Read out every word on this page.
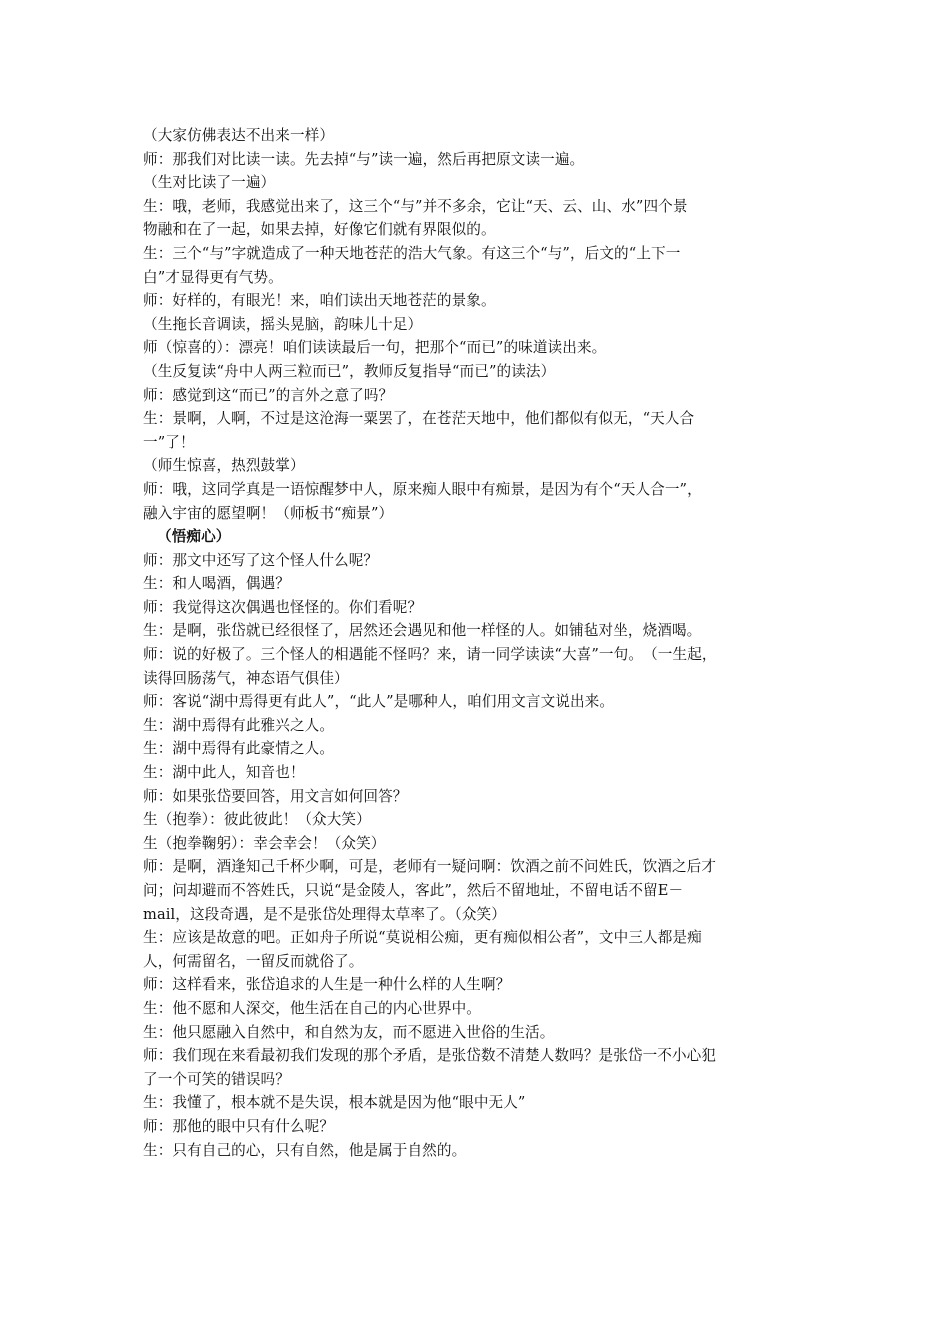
（大家仿佛表达不出来一样）
师：那我们对比读一读。先去掉“与”读一遍，然后再把原文读一遍。
（生对比读了一遍）
生：哦，老师，我感觉出来了，这三个“与”并不多余，它让“天、云、山、水”四个景
物融和在了一起，如果去掉，好像它们就有界限似的。
生：三个“与”字就造成了一种天地苍茫的浩大气象。有这三个“与”，后文的“上下一
白”才显得更有气势。
师：好样的，有眼光！来，咱们读出天地苍茫的景象。
（生拖长音调读，摇头晃脑，韵味儿十足）
师（惊喜的）：漂亮！咱们读读最后一句，把那个“而已”的味道读出来。
（生反复读“舟中人两三粒而已”，教师反复指导“而已”的读法）
师：感觉到这“而已”的言外之意了吗？
生：景啊，人啊，不过是这沧海一粟罢了，在苍茫天地中，他们都似有似无，“天人合
一”了！
（师生惊喜，热烈鼓掌）
师：哦，这同学真是一语惊醒梦中人，原来痴人眼中有痴景，是因为有个“天人合一”，
融入宇宙的愿望啊！（师板书“痴景”）
（悟痴心）
师：那文中还写了这个怪人什么呢？
生：和人喝酒，偶遇？
师：我觉得这次偶遇也怪怪的。你们看呢？
生：是啊，张岱就已经很怪了，居然还会遇见和他一样怪的人。如铺毡对坐，烧酒喝。
师：说的好极了。三个怪人的相遇能不怪吗？来，请一同学读读“大喜”一句。　（一生起，
读得回肠荡气，神态语气俱佳）
师：客说“湖中焉得更有此人”，“此人”是哪种人，咱们用文言文说出来。
生：湖中焉得有此雅兴之人。
生：湖中焉得有此豪情之人。
生：湖中此人，知音也！
师：如果张岱要回答，用文言如何回答？
生（抱拳）：彼此彼此！（众大笑）
生（抱拳鞠躬）：幸会幸会！（众笑）
师：是啊，酒逢知己千杯少啊，可是，老师有一疑问啊：饮酒之前不问姓氏，饮酒之后才
问；问却避而不答姓氏，只说“是金陵人，客此”，然后不留地址，不留电话不留E－
mail，这段奇遇，是不是张岱处理得太草率了。（众笑）
生：应该是故意的吧。正如舟子所说“莫说相公痴，更有痴似相公者”，文中三人都是痴
人，何需留名，一留反而就俗了。
师：这样看来，张岱追求的人生是一种什么样的人生啊？
生：他不愿和人深交，他生活在自己的内心世界中。
生：他只愿融入自然中，和自然为友，而不愿进入世俗的生活。
师：我们现在来看最初我们发现的那个矛盾，是张岱数不清楚人数吗？是张岱一不小心犯
了一个可笑的错误吗？
生：我懂了，根本就不是失误，根本就是因为他“眼中无人”
师：那他的眼中只有什么呢？
生：只有自己的心，只有自然，他是属于自然的。
